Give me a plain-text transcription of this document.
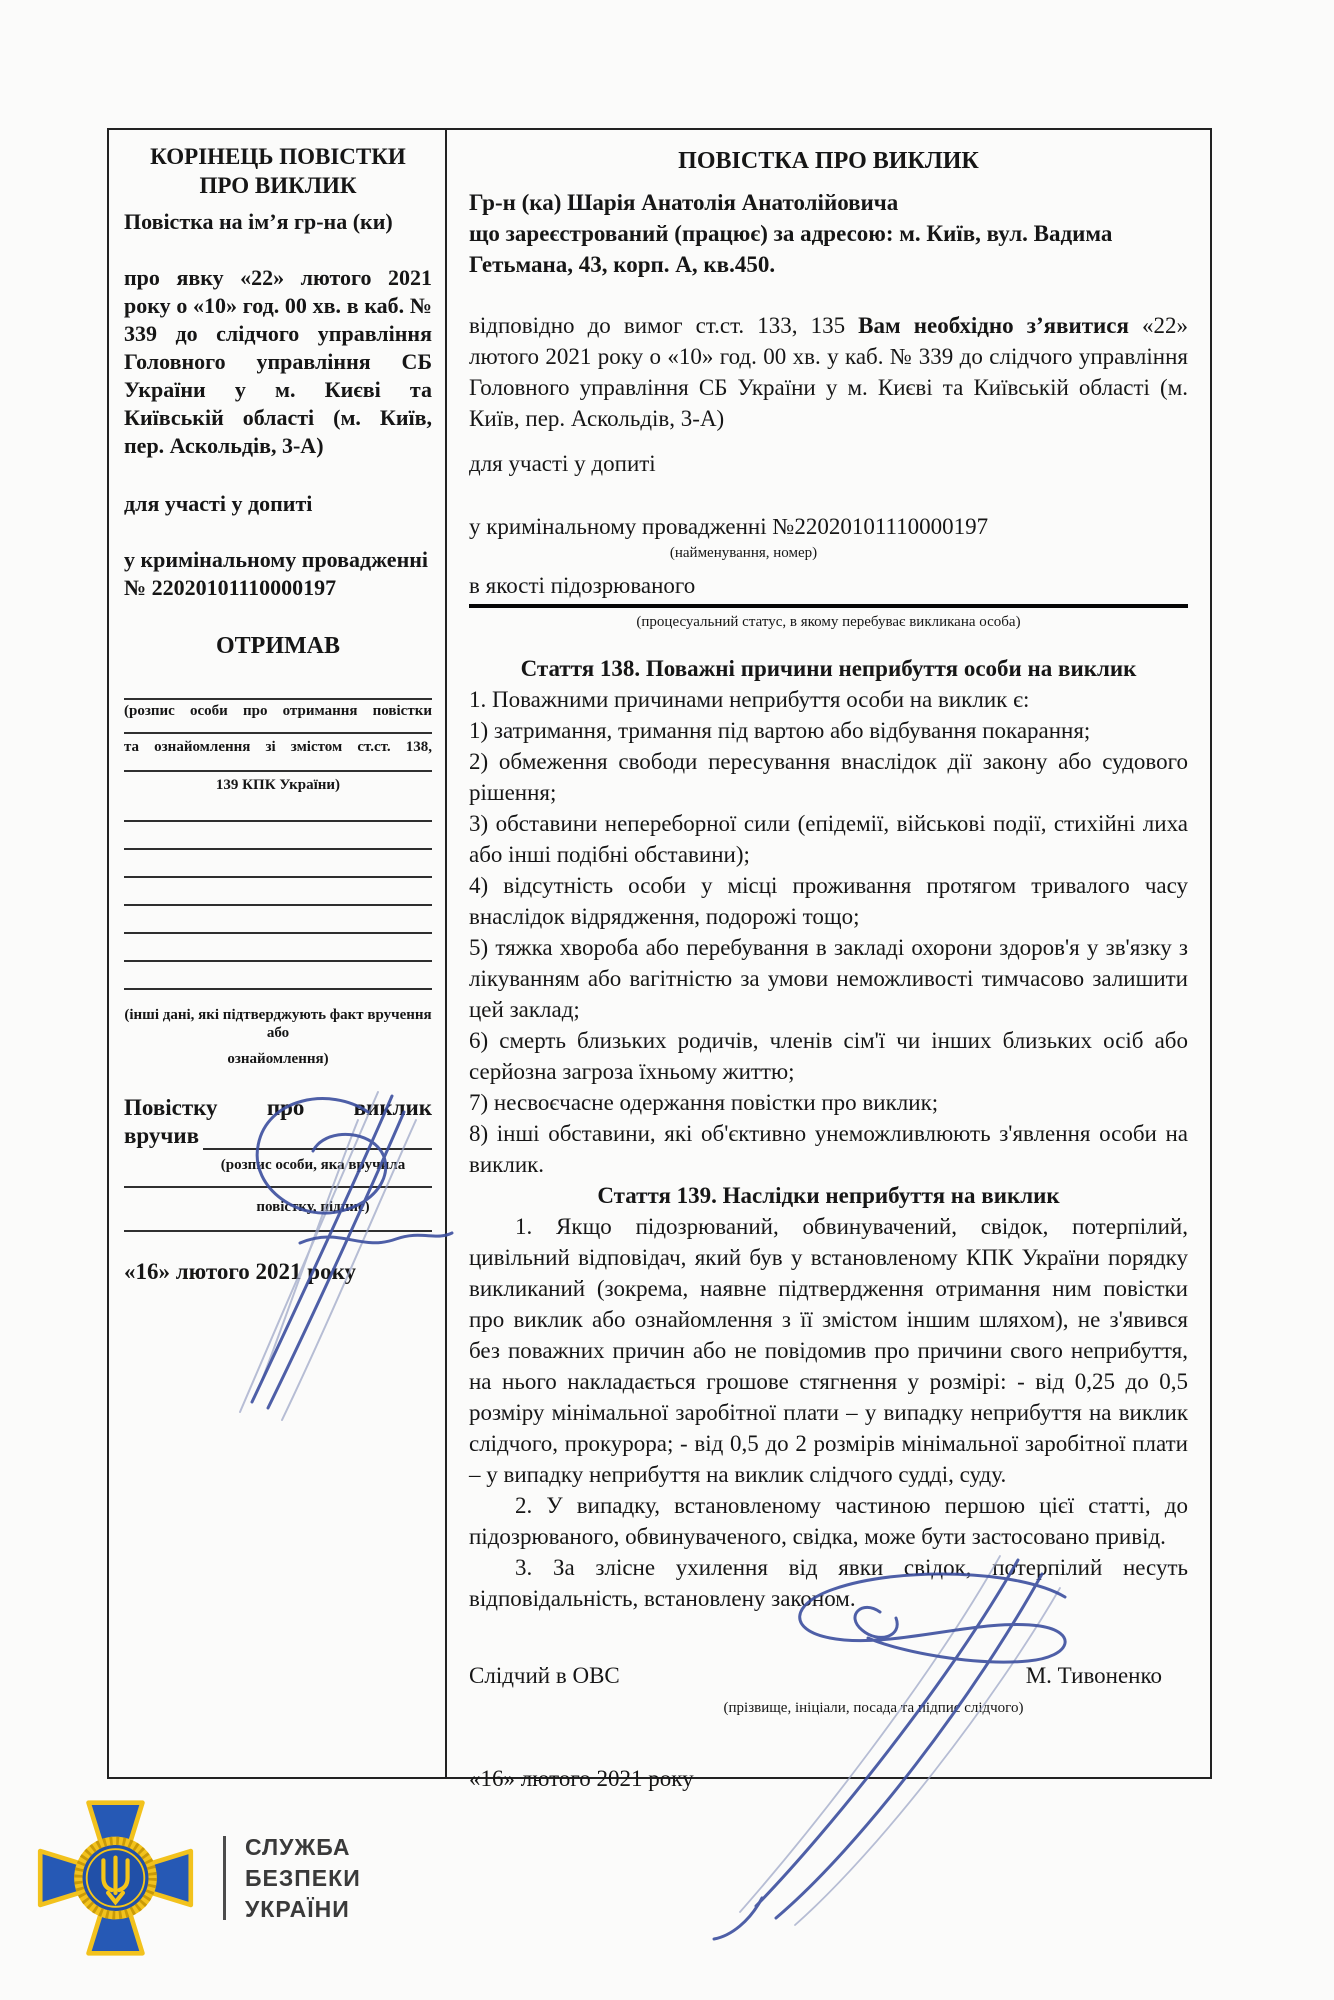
КОРІНЕЦЬ ПОВІСТКИ ПРО ВИКЛИК
Повістка на ім’я гр-на (ки)
про явку «22» лютого 2021 року о «10» год. 00 хв. в каб. № 339 до слідчого управління Головного управління СБ України у м. Києві та Київській області (м. Київ, пер. Аскольдів, 3-А)
для участі у допиті
у кримінальному провадженні № 22020101110000197
ОТРИМАВ
(розпис особи про отримання повістки
та ознайомлення зі змістом ст.ст. 138,
139 КПК України)
(інші дані, які підтверджують факт вручення або
ознайомлення)
Повістку про виклик
вручив
(розпис особи, яка вручила
повістку, підпис)
«16» лютого 2021 року
ПОВІСТКА ПРО ВИКЛИК
Гр-н (ка) Шарія Анатолія Анатолійовича
що зареєстрований (працює) за адресою: м. Київ, вул. Вадима Гетьмана, 43, корп. А, кв.450.
відповідно до вимог ст.ст. 133, 135 Вам необхідно з’явитися «22» лютого 2021 року о «10» год. 00 хв. у каб. № 339 до слідчого управління Головного управління СБ України у м. Києві та Київській області (м. Київ, пер. Аскольдів, 3-А)
для участі у допиті
у кримінальному провадженні №22020101110000197
(найменування, номер)
в якості підозрюваного
(процесуальний статус, в якому перебуває викликана особа)
Стаття 138. Поважні причини неприбуття особи на виклик
1. Поважними причинами неприбуття особи на виклик є:
1) затримання, тримання під вартою або відбування покарання;
2) обмеження свободи пересування внаслідок дії закону або судового рішення;
3) обставини непереборної сили (епідемії, військові події, стихійні лиха або інші подібні обставини);
4) відсутність особи у місці проживання протягом тривалого часу внаслідок відрядження, подорожі тощо;
5) тяжка хвороба або перебування в закладі охорони здоров'я у зв'язку з лікуванням або вагітністю за умови неможливості тимчасово залишити цей заклад;
6) смерть близьких родичів, членів сім'ї чи інших близьких осіб або серйозна загроза їхньому життю;
7) несвоєчасне одержання повістки про виклик;
8) інші обставини, які об'єктивно унеможливлюють з'явлення особи на виклик.
Стаття 139. Наслідки неприбуття на виклик
1. Якщо підозрюваний, обвинувачений, свідок, потерпілий, цивільний відповідач, який був у встановленому КПК України порядку викликаний (зокрема, наявне підтвердження отримання ним повістки про виклик або ознайомлення з її змістом іншим шляхом), не з'явився без поважних причин або не повідомив про причини свого неприбуття, на нього накладається грошове стягнення у розмірі: - від 0,25 до 0,5 розміру мінімальної заробітної плати – у випадку неприбуття на виклик слідчого, прокурора; - від 0,5 до 2 розмірів мінімальної заробітної плати – у випадку неприбуття на виклик слідчого судді, суду.
2. У випадку, встановленому частиною першою цієї статті, до підозрюваного, обвинуваченого, свідка, може бути застосовано привід.
3. За злісне ухилення від явки свідок, потерпілий несуть відповідальність, встановлену законом.
Слідчий в ОВС	М. Тивоненко
(прізвище, ініціали, посада та підпис слідчого)
«16» лютого 2021 року
СЛУЖБА
БЕЗПЕКИ
УКРАЇНИ
